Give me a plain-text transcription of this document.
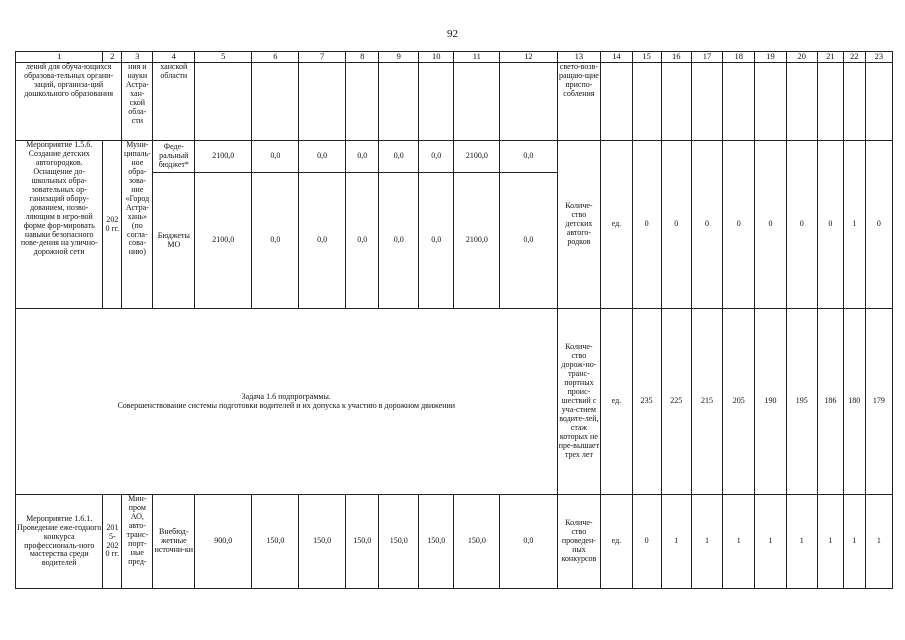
92
1	2	3	4	5	6	7	8	9	10	11	12	13	14	15	16	17	18	19	20	21	22	23
лений для обуча-ющихся образова-тельных органи-заций, организа-ций дошкольного образования		ния и науки Астра-хан-ской обла-сти	ханской области									свето-возв-ращаю-щие приспо-собления										
Мероприятие 1.5.6. Создание детских автогородков. Оснащение до-школьных обра-зовательных ор-ганизаций обору-дованием, позво-ляющим в игро-вой форме фор-мировать навыки безопасного пове-дения на улично-дорожной сети	2020 гг.	Муни-ципаль-ное обра-зова-ние «Город Астра-хань» (по согла-сова-нию)	Феде-ральный бюджет*	2100,0	0,0	0,0	0,0	0,0	0,0	2100,0	0,0	Количе-ство детских автого-родков	ед.	0	0	0	0	0	0	0	1	0
			Бюджеты МО	2100,0	0,0	0,0	0,0	0,0	0,0	2100,0	0,0											

Задача 1.6 подпрограммы.
Совершенствование системы подготовки водителей и их допуска к участию в дорожном движении												Количе-ство дорож-но-транс-портных проис-шествий с уча-стием водите-лей, стаж которых не пре-вышает трех лет	ед.	235	225	215	205	190	195	186	180	179
Мероприятие 1.6.1. Проведение еже-годного конкурса профессиональ-ного мастерства среди водителей	2015-2020 гг.	Мин-пром АО, авто-транс-порт-ные пред-	Внебюд-жетные источни-ки	900,0	150,0	150,0	150,0	150,0	150,0	150,0	0,0	Количе-ство проведен-ных конкурсов	ед.	0	1	1	1	1	1	1	1	1
